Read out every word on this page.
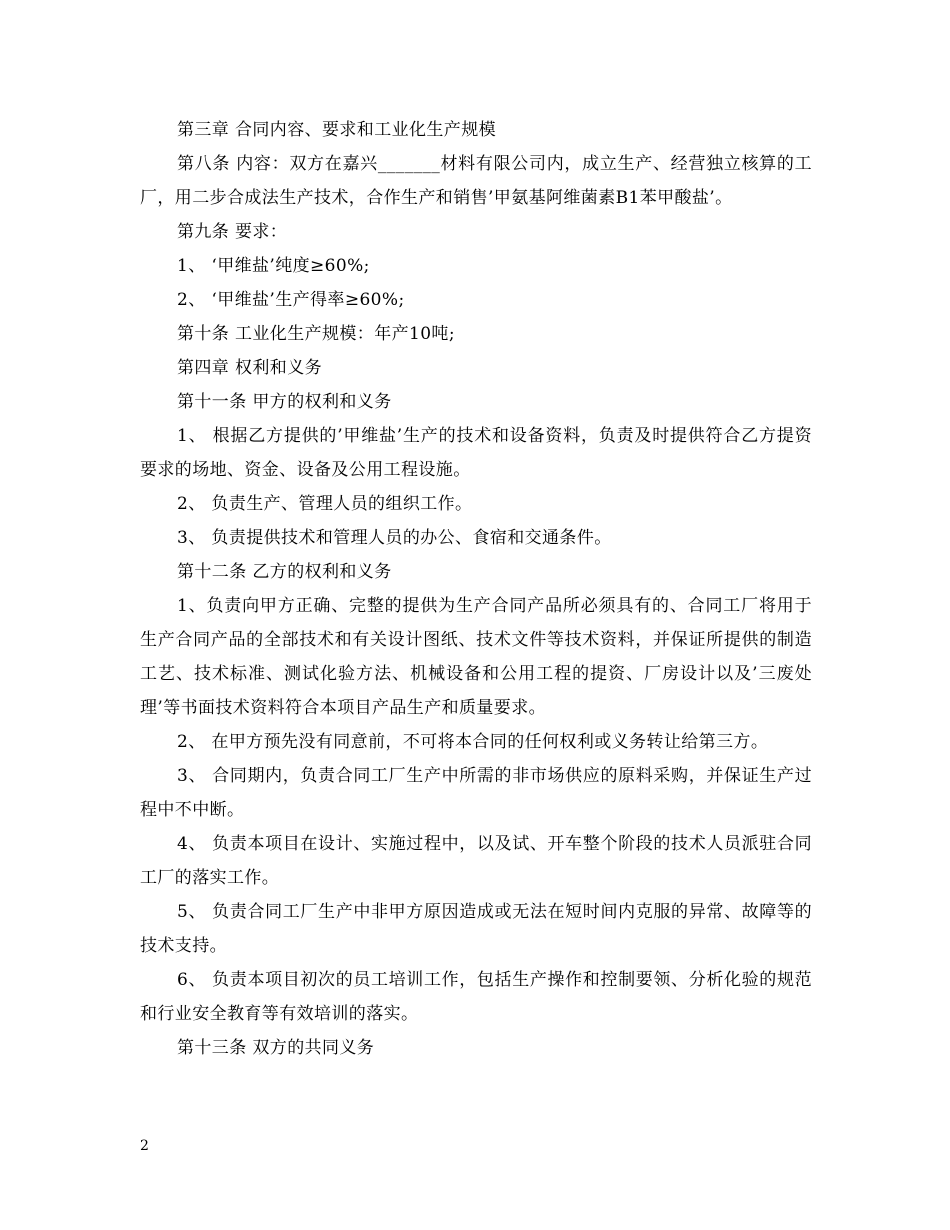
第三章 合同内容、要求和工业化生产规模

第八条 内容：双方在嘉兴_______材料有限公司内，成立生产、经营独立核算的工厂，用二步合成法生产技术，合作生产和销售’甲氨基阿维菌素B1苯甲酸盐’。

第九条 要求：

1、 ‘甲维盐’纯度≥60%;

2、 ‘甲维盐’生产得率≥60%;

第十条 工业化生产规模：年产10吨;

第四章 权利和义务

第十一条 甲方的权利和义务

1、 根据乙方提供的’甲维盐’生产的技术和设备资料，负责及时提供符合乙方提资要求的场地、资金、设备及公用工程设施。

2、 负责生产、管理人员的组织工作。

3、 负责提供技术和管理人员的办公、食宿和交通条件。

第十二条 乙方的权利和义务

1、负责向甲方正确、完整的提供为生产合同产品所必须具有的、合同工厂将用于生产合同产品的全部技术和有关设计图纸、技术文件等技术资料，并保证所提供的制造工艺、技术标准、测试化验方法、机械设备和公用工程的提资、厂房设计以及’三废处理’等书面技术资料符合本项目产品生产和质量要求。

2、 在甲方预先没有同意前，不可将本合同的任何权利或义务转让给第三方。

3、 合同期内，负责合同工厂生产中所需的非市场供应的原料采购，并保证生产过程中不中断。

4、 负责本项目在设计、实施过程中，以及试、开车整个阶段的技术人员派驻合同工厂的落实工作。

5、 负责合同工厂生产中非甲方原因造成或无法在短时间内克服的异常、故障等的技术支持。

6、 负责本项目初次的员工培训工作，包括生产操作和控制要领、分析化验的规范和行业安全教育等有效培训的落实。

第十三条 双方的共同义务

2
